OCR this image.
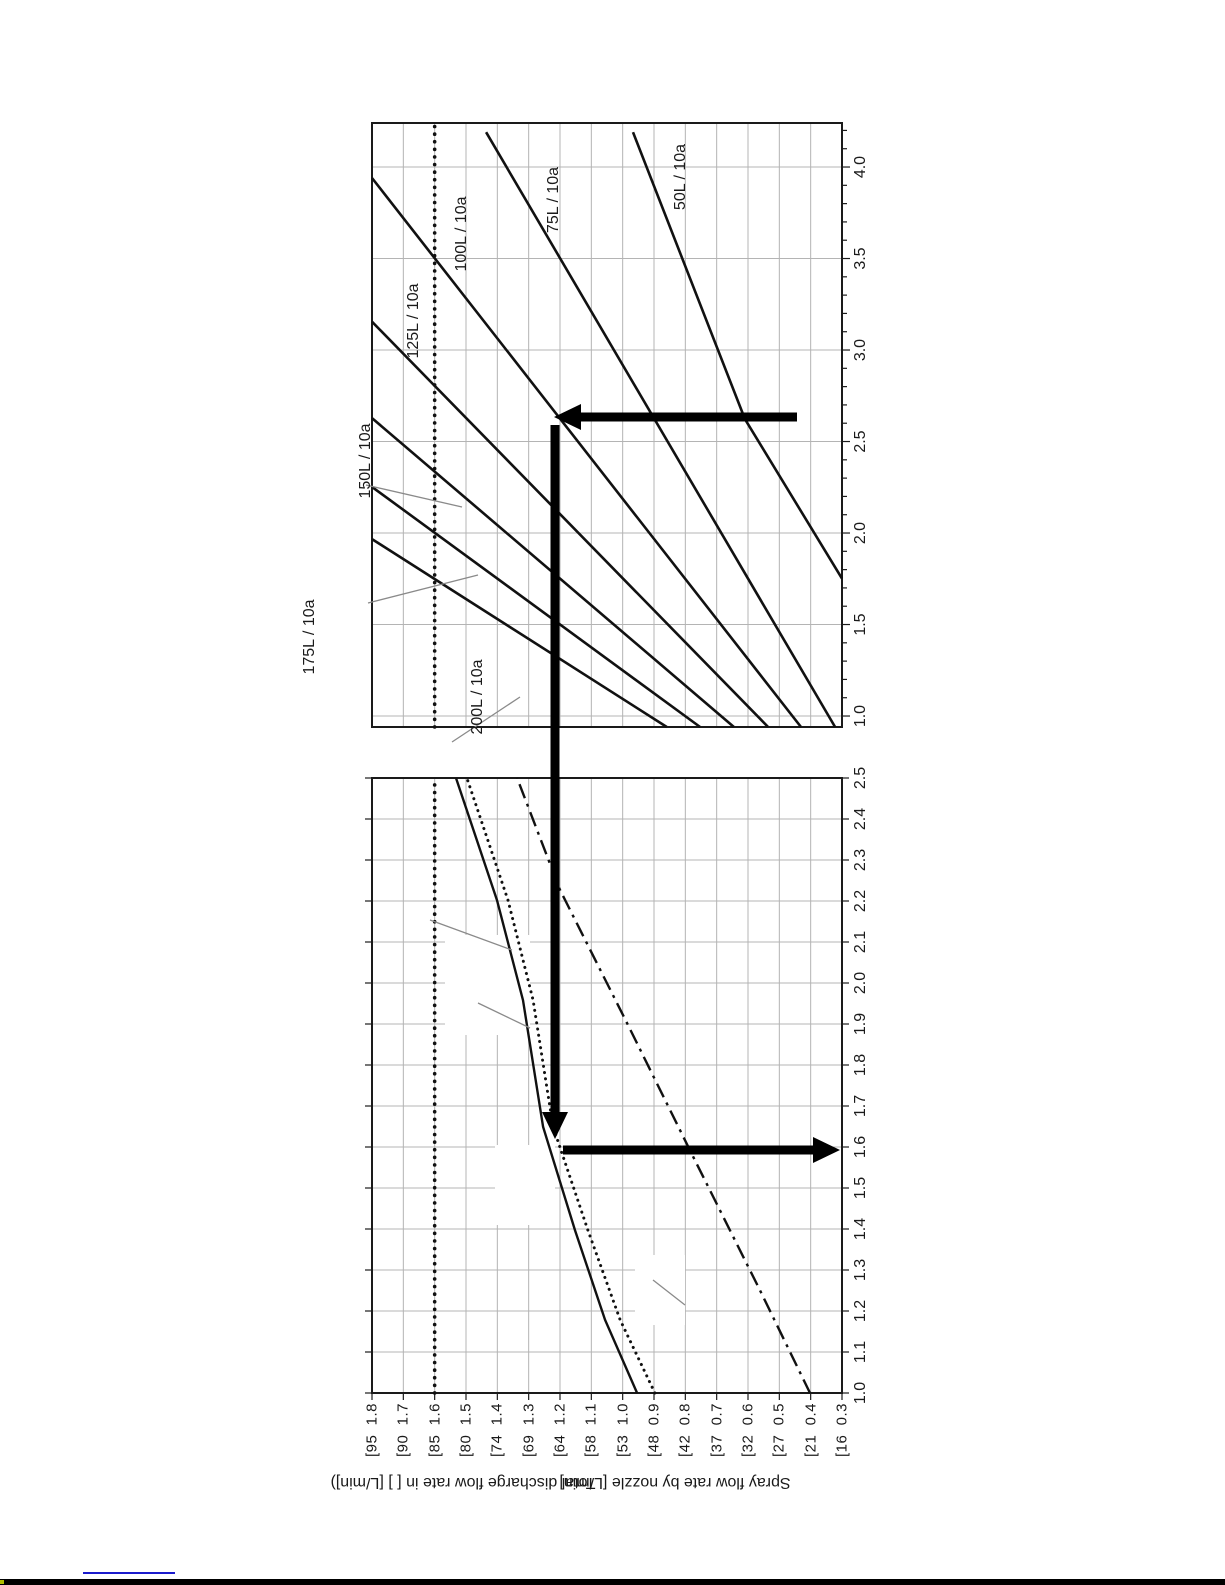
200L / 10a
175L / 10a
150L / 10a
125L / 10a
100L / 10a	75L / 10a	50L / 10a
Total discharge flow rate in [ ] [L/min])
Spray flow rate by nozzle [L/min]
1.0
1.5
2.0
2.5
3.0
3.5
4.0
1.0
1.1
1.2
1.3
1.4
1.5
1.6
1.7
1.8
1.9
2.0
2.1
2.2
2.3
2.4
2.5
[95  1.8 [90  1.7 [85  1.6 [80  1.5 [74  1.4 [69  1.3 [64  1.2 [58  1.1 [53  1.0 [48  0.9 [42  0.8 [37  0.7 [32  0.6 [27  0.5 [21  0.4 [16  0.3
